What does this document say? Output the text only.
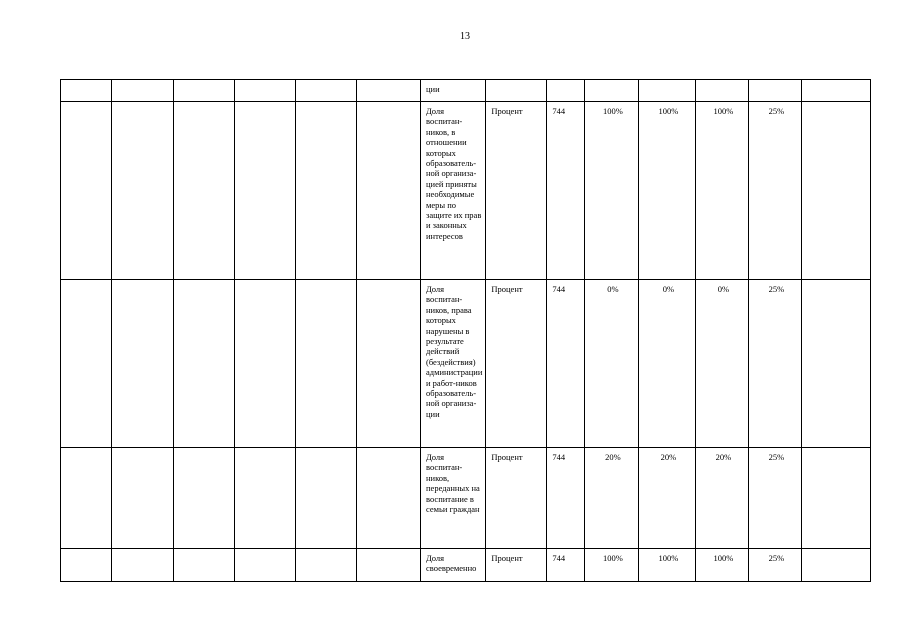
13
						ции							
						Доля воспитан-ников, в отношении которых образователь-ной организа-цией приняты необходимые меры по защите их прав и законных интересов	Процент	744	100%	100%	100%	25%	
						Доля воспитан-ников, права которых нарушены в результате действий (бездействия) администрации и работ-ников образователь-ной организа-ции	Процент	744	0%	0%	0%	25%	
						Доля воспитан-ников, переданных на воспитание в семьи граждан	Процент	744	20%	20%	20%	25%	
						Доля своевременно	Процент	744	100%	100%	100%	25%	
